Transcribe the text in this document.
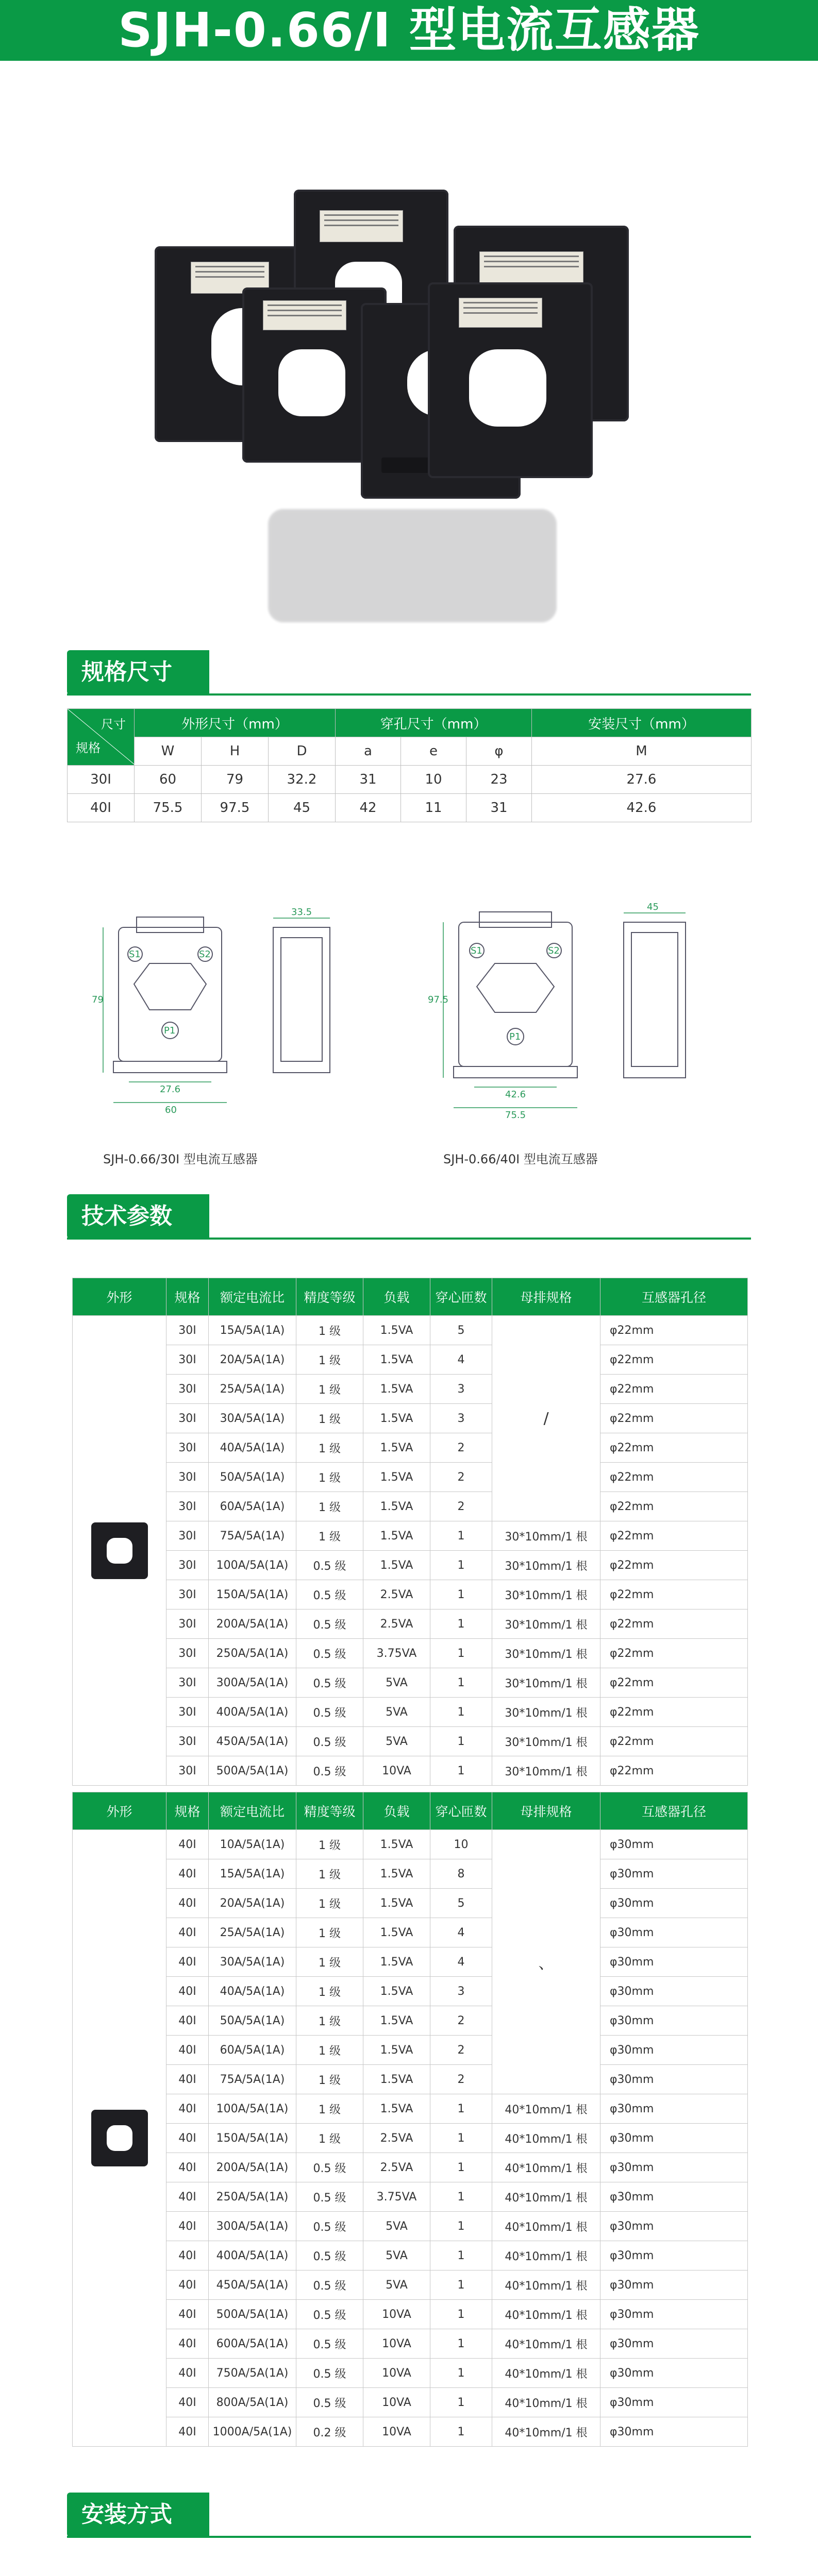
SJH-0.66/I 型电流互感器
规格尺寸
尺寸
规格	外形尺寸（mm）			穿孔尺寸（mm）			安装尺寸（mm）
	W	H	D	a	e	φ	M
30I	60	79	32.2	31	10	23	27.6
40I	75.5	97.5	45	42	11	31	42.6
S1	S2
P1
79
27.6
60
33.5
SJH-0.66/30I 型电流互感器
S1	S2
P1
97.5
42.6
75.5
45
SJH-0.66/40I 型电流互感器
技术参数
外形	规格	额定电流比	精度等级	负载	穿心匝数	母排规格	互感器孔径

	30I	15A/5A(1A)	1 级	1.5VA	5	/	φ22mm
	30I	20A/5A(1A)	1 级	1.5VA	4		φ22mm
	30I	25A/5A(1A)	1 级	1.5VA	3		φ22mm
	30I	30A/5A(1A)	1 级	1.5VA	3		φ22mm
	30I	40A/5A(1A)	1 级	1.5VA	2		φ22mm
	30I	50A/5A(1A)	1 级	1.5VA	2		φ22mm
	30I	60A/5A(1A)	1 级	1.5VA	2		φ22mm
	30I	75A/5A(1A)	1 级	1.5VA	1	30*10mm/1 根	φ22mm
	30I	100A/5A(1A)	0.5 级	1.5VA	1	30*10mm/1 根	φ22mm
	30I	150A/5A(1A)	0.5 级	2.5VA	1	30*10mm/1 根	φ22mm
	30I	200A/5A(1A)	0.5 级	2.5VA	1	30*10mm/1 根	φ22mm
	30I	250A/5A(1A)	0.5 级	3.75VA	1	30*10mm/1 根	φ22mm
	30I	300A/5A(1A)	0.5 级	5VA	1	30*10mm/1 根	φ22mm
	30I	400A/5A(1A)	0.5 级	5VA	1	30*10mm/1 根	φ22mm
	30I	450A/5A(1A)	0.5 级	5VA	1	30*10mm/1 根	φ22mm
	30I	500A/5A(1A)	0.5 级	10VA	1	30*10mm/1 根	φ22mm
外形	规格	额定电流比	精度等级	负载	穿心匝数	母排规格	互感器孔径

	40I	10A/5A(1A)	1 级	1.5VA	10	、	φ30mm
	40I	15A/5A(1A)	1 级	1.5VA	8		φ30mm
	40I	20A/5A(1A)	1 级	1.5VA	5		φ30mm
	40I	25A/5A(1A)	1 级	1.5VA	4		φ30mm
	40I	30A/5A(1A)	1 级	1.5VA	4		φ30mm
	40I	40A/5A(1A)	1 级	1.5VA	3		φ30mm
	40I	50A/5A(1A)	1 级	1.5VA	2		φ30mm
	40I	60A/5A(1A)	1 级	1.5VA	2		φ30mm
	40I	75A/5A(1A)	1 级	1.5VA	2		φ30mm
	40I	100A/5A(1A)	1 级	1.5VA	1	40*10mm/1 根	φ30mm
	40I	150A/5A(1A)	1 级	2.5VA	1	40*10mm/1 根	φ30mm
	40I	200A/5A(1A)	0.5 级	2.5VA	1	40*10mm/1 根	φ30mm
	40I	250A/5A(1A)	0.5 级	3.75VA	1	40*10mm/1 根	φ30mm
	40I	300A/5A(1A)	0.5 级	5VA	1	40*10mm/1 根	φ30mm
	40I	400A/5A(1A)	0.5 级	5VA	1	40*10mm/1 根	φ30mm
	40I	450A/5A(1A)	0.5 级	5VA	1	40*10mm/1 根	φ30mm
	40I	500A/5A(1A)	0.5 级	10VA	1	40*10mm/1 根	φ30mm
	40I	600A/5A(1A)	0.5 级	10VA	1	40*10mm/1 根	φ30mm
	40I	750A/5A(1A)	0.5 级	10VA	1	40*10mm/1 根	φ30mm
	40I	800A/5A(1A)	0.5 级	10VA	1	40*10mm/1 根	φ30mm
	40I	1000A/5A(1A)	0.2 级	10VA	1	40*10mm/1 根	φ30mm
安装方式
